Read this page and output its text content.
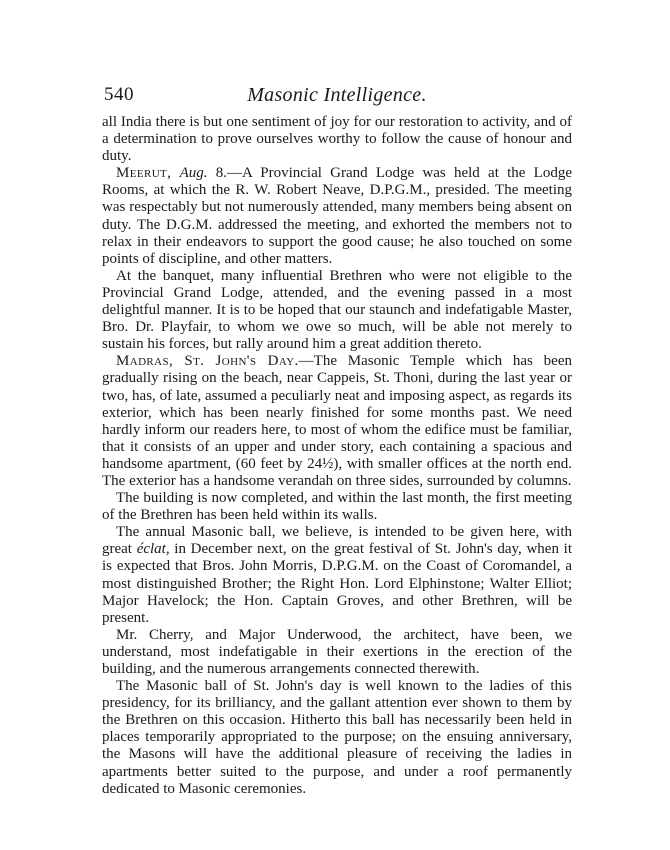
540	Masonic Intelligence.

all India there is but one sentiment of joy for our restoration to activity, and of a determination to prove ourselves worthy to follow the cause of honour and duty.

Meerut, Aug. 8.—A Provincial Grand Lodge was held at the Lodge Rooms, at which the R. W. Robert Neave, D.P.G.M., presided. The meeting was respectably but not numerously attended, many members being absent on duty. The D.G.M. addressed the meeting, and exhorted the members not to relax in their endeavors to support the good cause; he also touched on some points of discipline, and other matters.

At the banquet, many influential Brethren who were not eligible to the Provincial Grand Lodge, attended, and the evening passed in a most delightful manner. It is to be hoped that our staunch and indefatigable Master, Bro. Dr. Playfair, to whom we owe so much, will be able not merely to sustain his forces, but rally around him a great addition thereto.

Madras, St. John's Day.—The Masonic Temple which has been gradually rising on the beach, near Cappeis, St. Thoni, during the last year or two, has, of late, assumed a peculiarly neat and imposing aspect, as regards its exterior, which has been nearly finished for some months past. We need hardly inform our readers here, to most of whom the edifice must be familiar, that it consists of an upper and under story, each containing a spacious and handsome apartment, (60 feet by 24½), with smaller offices at the north end. The exterior has a handsome verandah on three sides, surrounded by columns.

The building is now completed, and within the last month, the first meeting of the Brethren has been held within its walls.

The annual Masonic ball, we believe, is intended to be given here, with great éclat, in December next, on the great festival of St. John's day, when it is expected that Bros. John Morris, D.P.G.M. on the Coast of Coromandel, a most distinguished Brother; the Right Hon. Lord Elphinstone; Walter Elliot; Major Havelock; the Hon. Captain Groves, and other Brethren, will be present.

Mr. Cherry, and Major Underwood, the architect, have been, we understand, most indefatigable in their exertions in the erection of the building, and the numerous arrangements connected therewith.

The Masonic ball of St. John's day is well known to the ladies of this presidency, for its brilliancy, and the gallant attention ever shown to them by the Brethren on this occasion. Hitherto this ball has necessarily been held in places temporarily appropriated to the purpose; on the ensuing anniversary, the Masons will have the additional pleasure of receiving the ladies in apartments better suited to the purpose, and under a roof permanently dedicated to Masonic ceremonies.
